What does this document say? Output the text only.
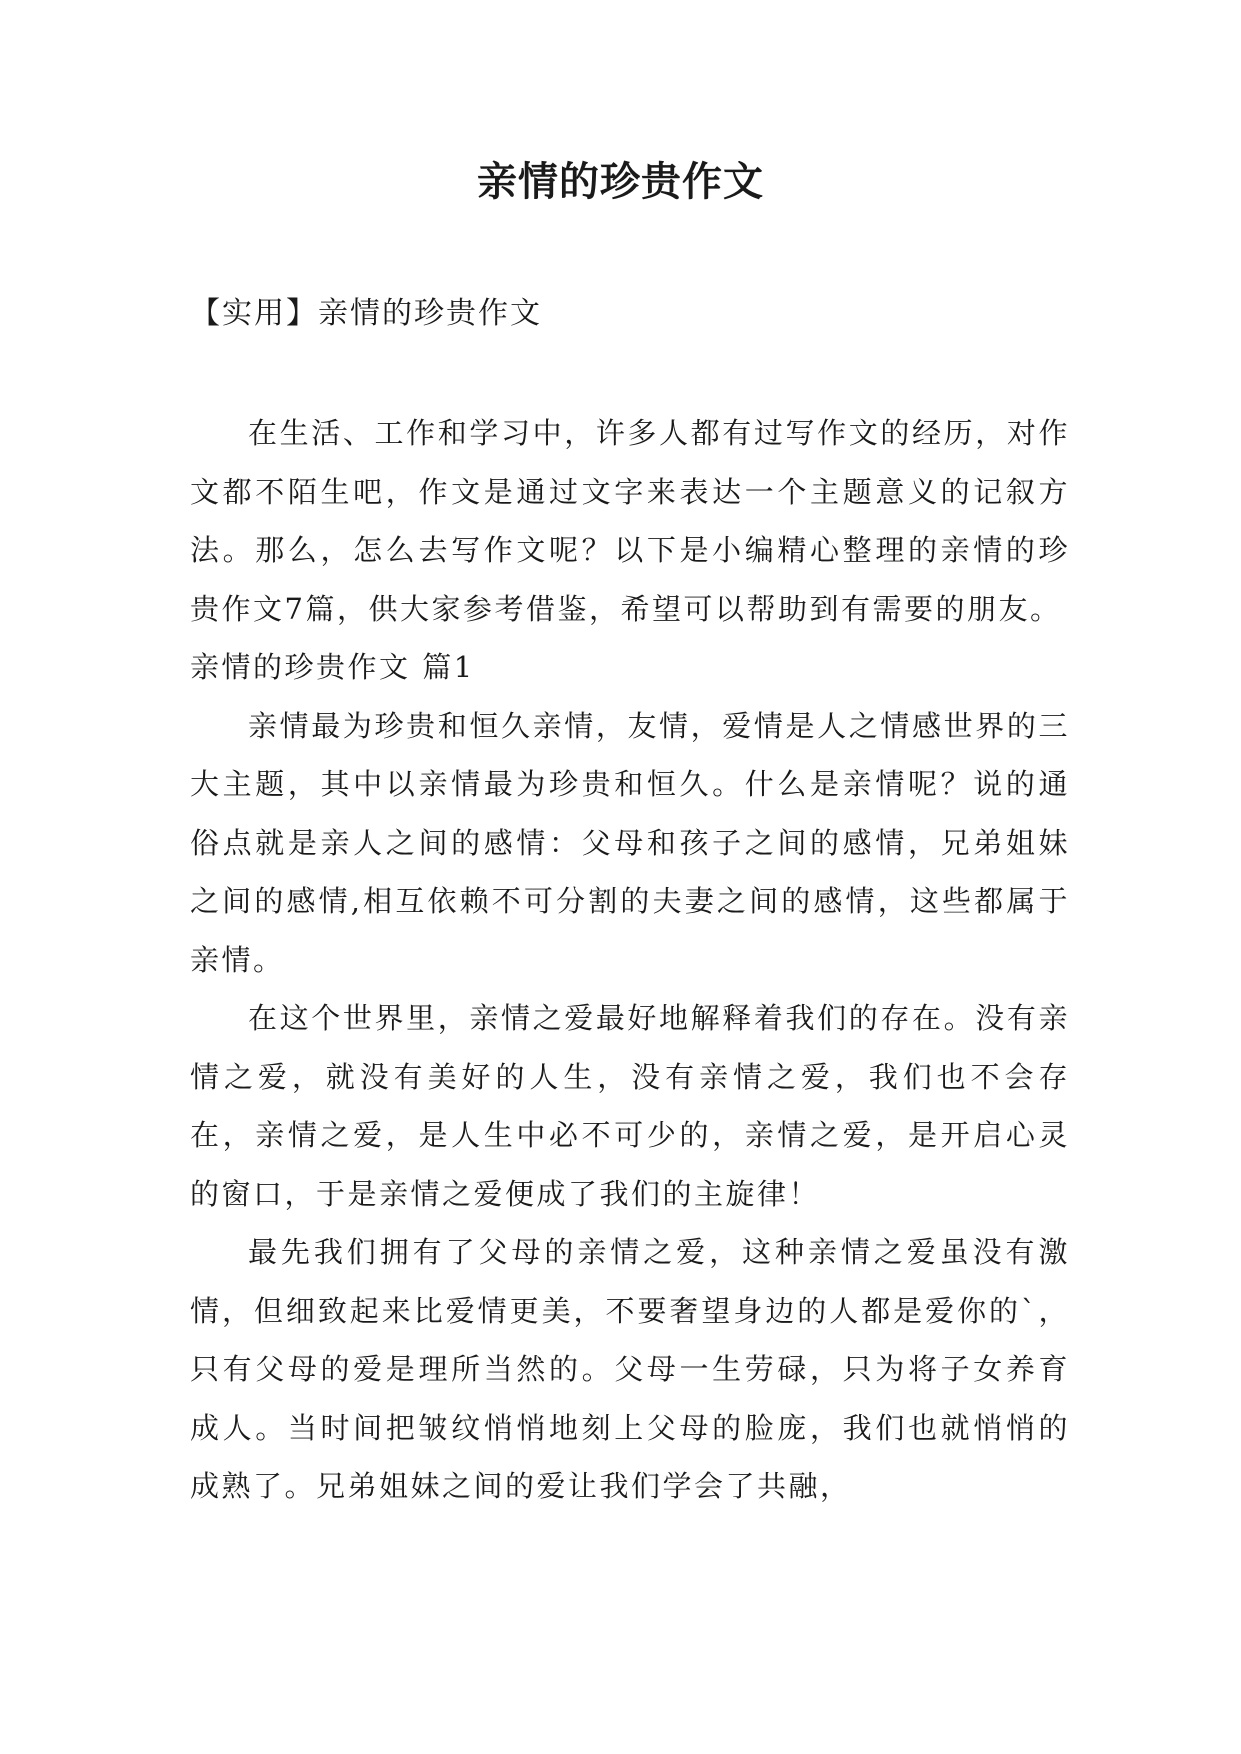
亲情的珍贵作文
【实用】亲情的珍贵作文

在生活、工作和学习中，许多人都有过写作文的经历，对作文都不陌生吧，作文是通过文字来表达一个主题意义的记叙方法。那么，怎么去写作文呢？以下是小编精心整理的亲情的珍贵作文7篇，供大家参考借鉴，希望可以帮助到有需要的朋友。

亲情的珍贵作文 篇1

亲情最为珍贵和恒久亲情，友情，爱情是人之情感世界的三大主题，其中以亲情最为珍贵和恒久。什么是亲情呢？说的通俗点就是亲人之间的感情：父母和孩子之间的感情，兄弟姐妹之间的感情,相互依赖不可分割的夫妻之间的感情，这些都属于亲情。

在这个世界里，亲情之爱最好地解释着我们的存在。没有亲情之爱，就没有美好的人生，没有亲情之爱，我们也不会存在，亲情之爱，是人生中必不可少的，亲情之爱，是开启心灵的窗口，于是亲情之爱便成了我们的主旋律！

最先我们拥有了父母的亲情之爱，这种亲情之爱虽没有激情，但细致起来比爱情更美，不要奢望身边的人都是爱你的`，只有父母的爱是理所当然的。父母一生劳碌，只为将子女养育成人。当时间把皱纹悄悄地刻上父母的脸庞，我们也就悄悄的成熟了。兄弟姐妹之间的爱让我们学会了共融，
